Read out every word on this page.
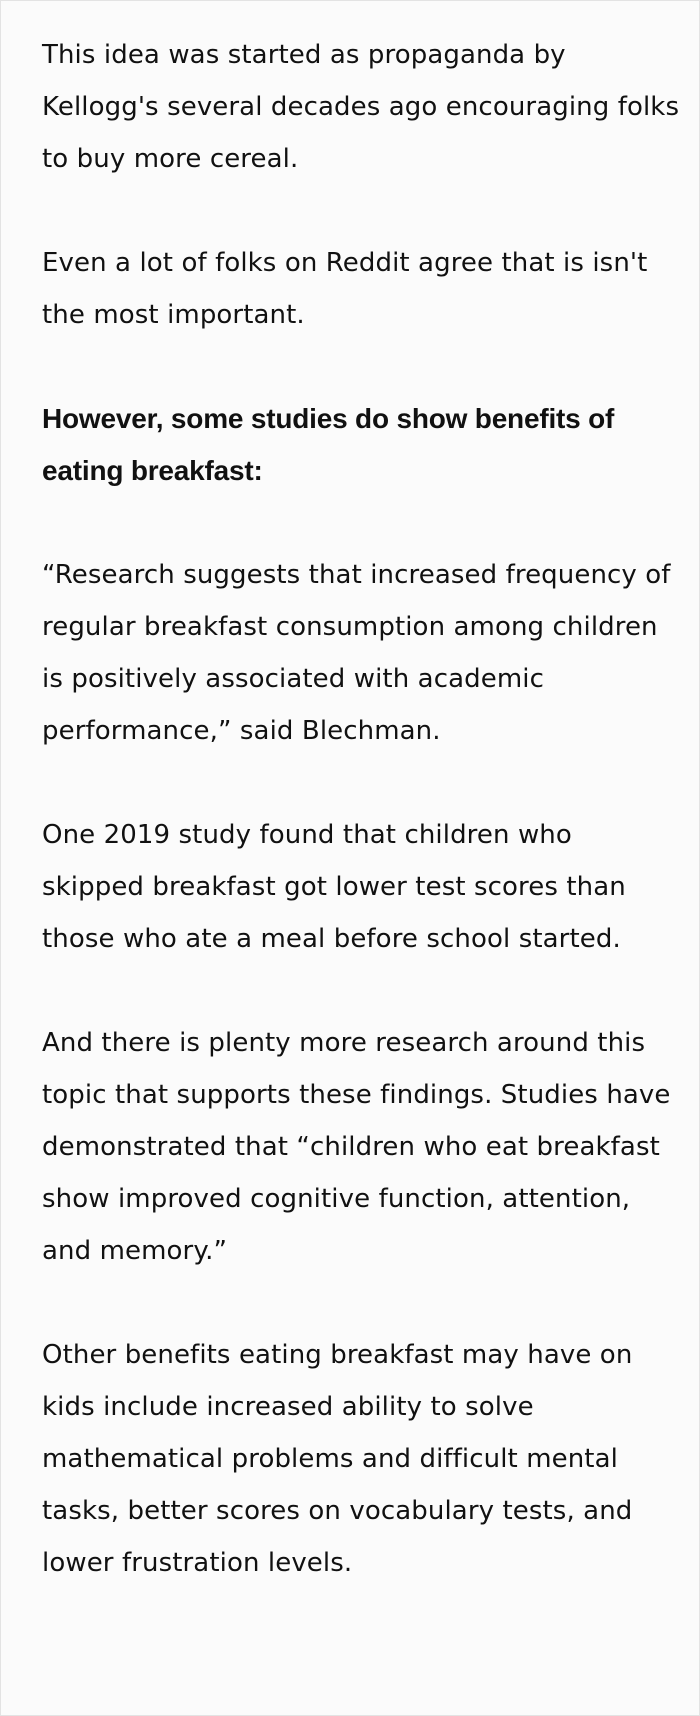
This idea was started as propaganda by Kellogg's several decades ago encouraging folks to buy more cereal.

Even a lot of folks on Reddit agree that is isn't the most important.

However, some studies do show benefits of eating breakfast:

“Research suggests that increased frequency of regular breakfast consumption among children is positively associated with academic performance,” said Blechman.

One 2019 study found that children who skipped breakfast got lower test scores than those who ate a meal before school started.

And there is plenty more research around this topic that supports these findings. Studies have demonstrated that “children who eat breakfast show improved cognitive function, attention, and memory.”

Other benefits eating breakfast may have on kids include increased ability to solve mathematical problems and difficult mental tasks, better scores on vocabulary tests, and lower frustration levels.
